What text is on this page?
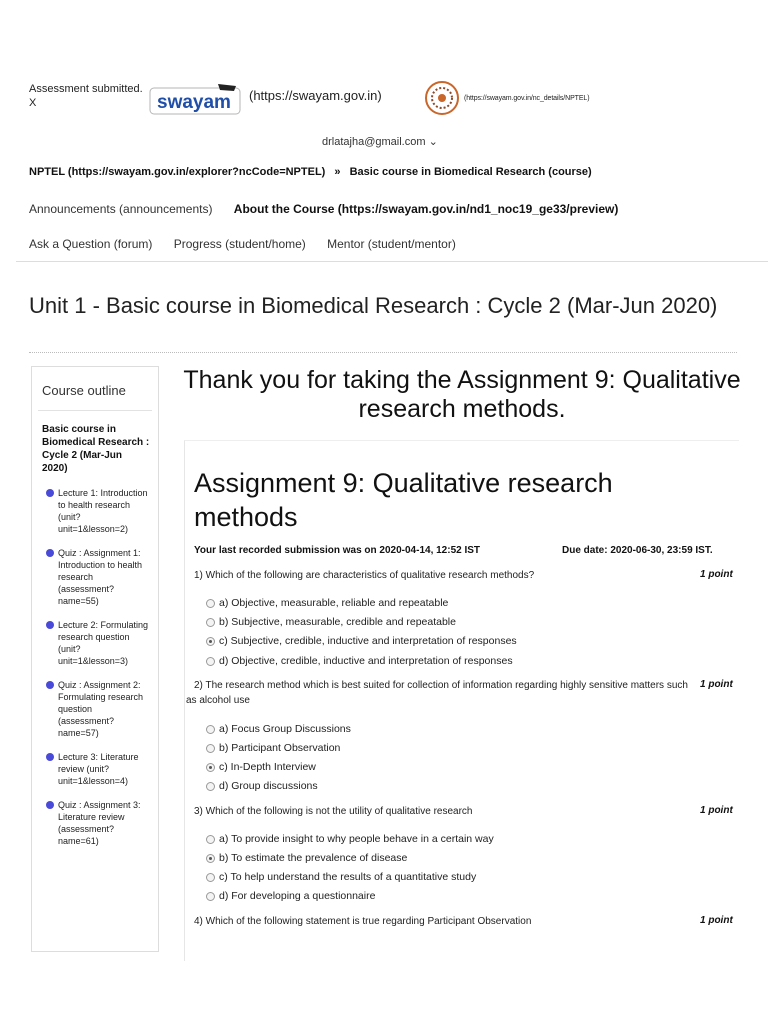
Assessment submitted.
X	swayam (https://swayam.gov.in)	(https://swayam.gov.in/nc_details/NPTEL)
drlatajha@gmail.com ⌄
NPTEL (https://swayam.gov.in/explorer?ncCode=NPTEL) » Basic course in Biomedical Research (course)
Announcements (announcements) About the Course (https://swayam.gov.in/nd1_noc19_ge33/preview)
Ask a Question (forum) Progress (student/home) Mentor (student/mentor)
Unit 1 - Basic course in Biomedical Research : Cycle 2 (Mar-Jun 2020)
Course outline
Basic course in Biomedical Research : Cycle 2 (Mar-Jun 2020)
Lecture 1: Introduction to health research (unit?unit=1&lesson=2)
Quiz : Assignment 1: Introduction to health research (assessment?name=55)
Lecture 2: Formulating research question (unit?unit=1&lesson=3)
Quiz : Assignment 2: Formulating research question (assessment?name=57)
Lecture 3: Literature review (unit?unit=1&lesson=4)
Quiz : Assignment 3: Literature review (assessment?name=61)
Thank you for taking the Assignment 9: Qualitative research methods.
Assignment 9: Qualitative research methods
Your last recorded submission was on 2020-04-14, 12:52 IST	Due date: 2020-06-30, 23:59 IST.
1) Which of the following are characteristics of qualitative research methods?	1 point
a) Objective, measurable, reliable and repeatable
b) Subjective, measurable, credible and repeatable
c) Subjective, credible, inductive and interpretation of responses
d) Objective, credible, inductive and interpretation of responses
2) The research method which is best suited for collection of information regarding highly sensitive matters such as alcohol use
1 point
a) Focus Group Discussions
b) Participant Observation
c) In-Depth Interview
d) Group discussions
3) Which of the following is not the utility of qualitative research	1 point
a) To provide insight to why people behave in a certain way
b) To estimate the prevalence of disease
c) To help understand the results of a quantitative study
d) For developing a questionnaire
4) Which of the following statement is true regarding Participant Observation	1 point
